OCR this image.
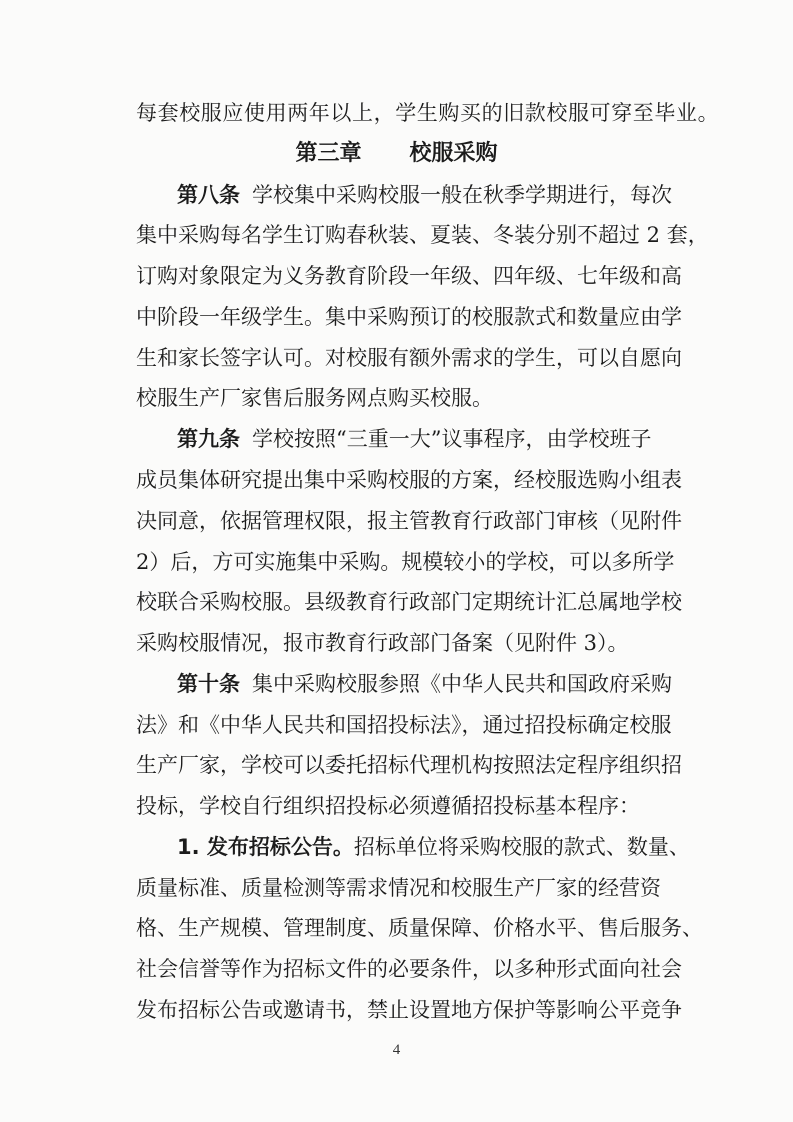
每套校服应使用两年以上，学生购买的旧款校服可穿至毕业。
第三章 校服采购
第八条 学校集中采购校服一般在秋季学期进行，每次
集中采购每名学生订购春秋装、夏装、冬装分别不超过 2 套，
订购对象限定为义务教育阶段一年级、四年级、七年级和高
中阶段一年级学生。集中采购预订的校服款式和数量应由学
生和家长签字认可。对校服有额外需求的学生，可以自愿向
校服生产厂家售后服务网点购买校服。
第九条 学校按照“三重一大”议事程序，由学校班子
成员集体研究提出集中采购校服的方案，经校服选购小组表
决同意，依据管理权限，报主管教育行政部门审核（见附件
2）后，方可实施集中采购。规模较小的学校，可以多所学
校联合采购校服。县级教育行政部门定期统计汇总属地学校
采购校服情况，报市教育行政部门备案（见附件 3）。
第十条 集中采购校服参照《中华人民共和国政府采购
法》和《中华人民共和国招投标法》，通过招投标确定校服
生产厂家，学校可以委托招标代理机构按照法定程序组织招
投标，学校自行组织招投标必须遵循招投标基本程序：
1. 发布招标公告。招标单位将采购校服的款式、数量、
质量标准、质量检测等需求情况和校服生产厂家的经营资
4
格、生产规模、管理制度、质量保障、价格水平、售后服务、
社会信誉等作为招标文件的必要条件，以多种形式面向社会
发布招标公告或邀请书，禁止设置地方保护等影响公平竞争
